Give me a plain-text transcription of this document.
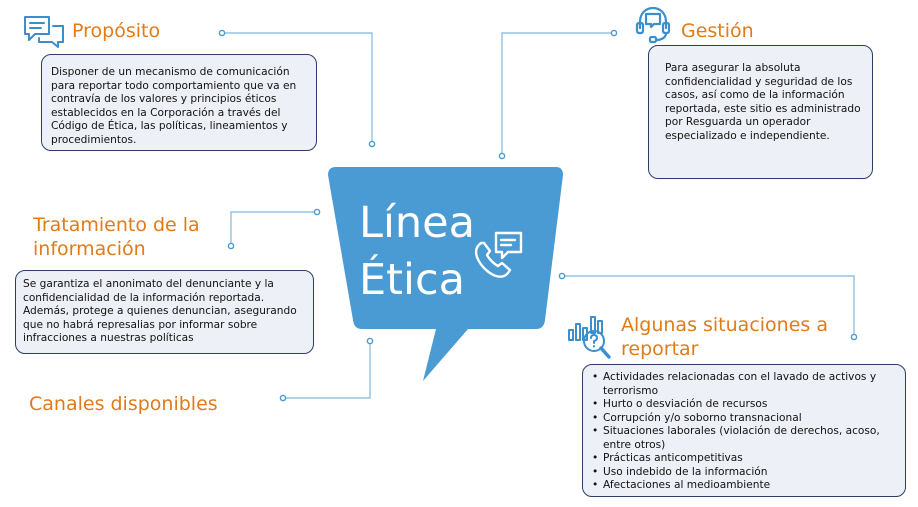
Línea
Ética
Propósito

Disponer de un mecanismo de comunicación para reportar todo comportamiento que va en contravía de los valores y principios éticos establecidos en la Corporación a través del Código de Ética, las políticas, lineamientos y procedimientos.

Gestión

Para asegurar la absoluta confidencialidad y seguridad de los casos, así como de la información reportada, este sitio es administrado por Resguarda un operador especializado e independiente.

Tratamiento de la
información

Se garantiza el anonimato del denunciante y la confidencialidad de la información reportada. Además, protege a quienes denuncian, asegurando que no habrá represalias por informar sobre infracciones a nuestras políticas

Canales disponibles
Algunas situaciones a
reportar
• Actividades relacionadas con el lavado de activos y terrorismo
• Hurto o desviación de recursos
• Corrupción y/o soborno transnacional
• Situaciones laborales (violación de derechos, acoso, entre otros)
• Prácticas anticompetitivas
• Uso indebido de la información
• Afectaciones al medioambiente
